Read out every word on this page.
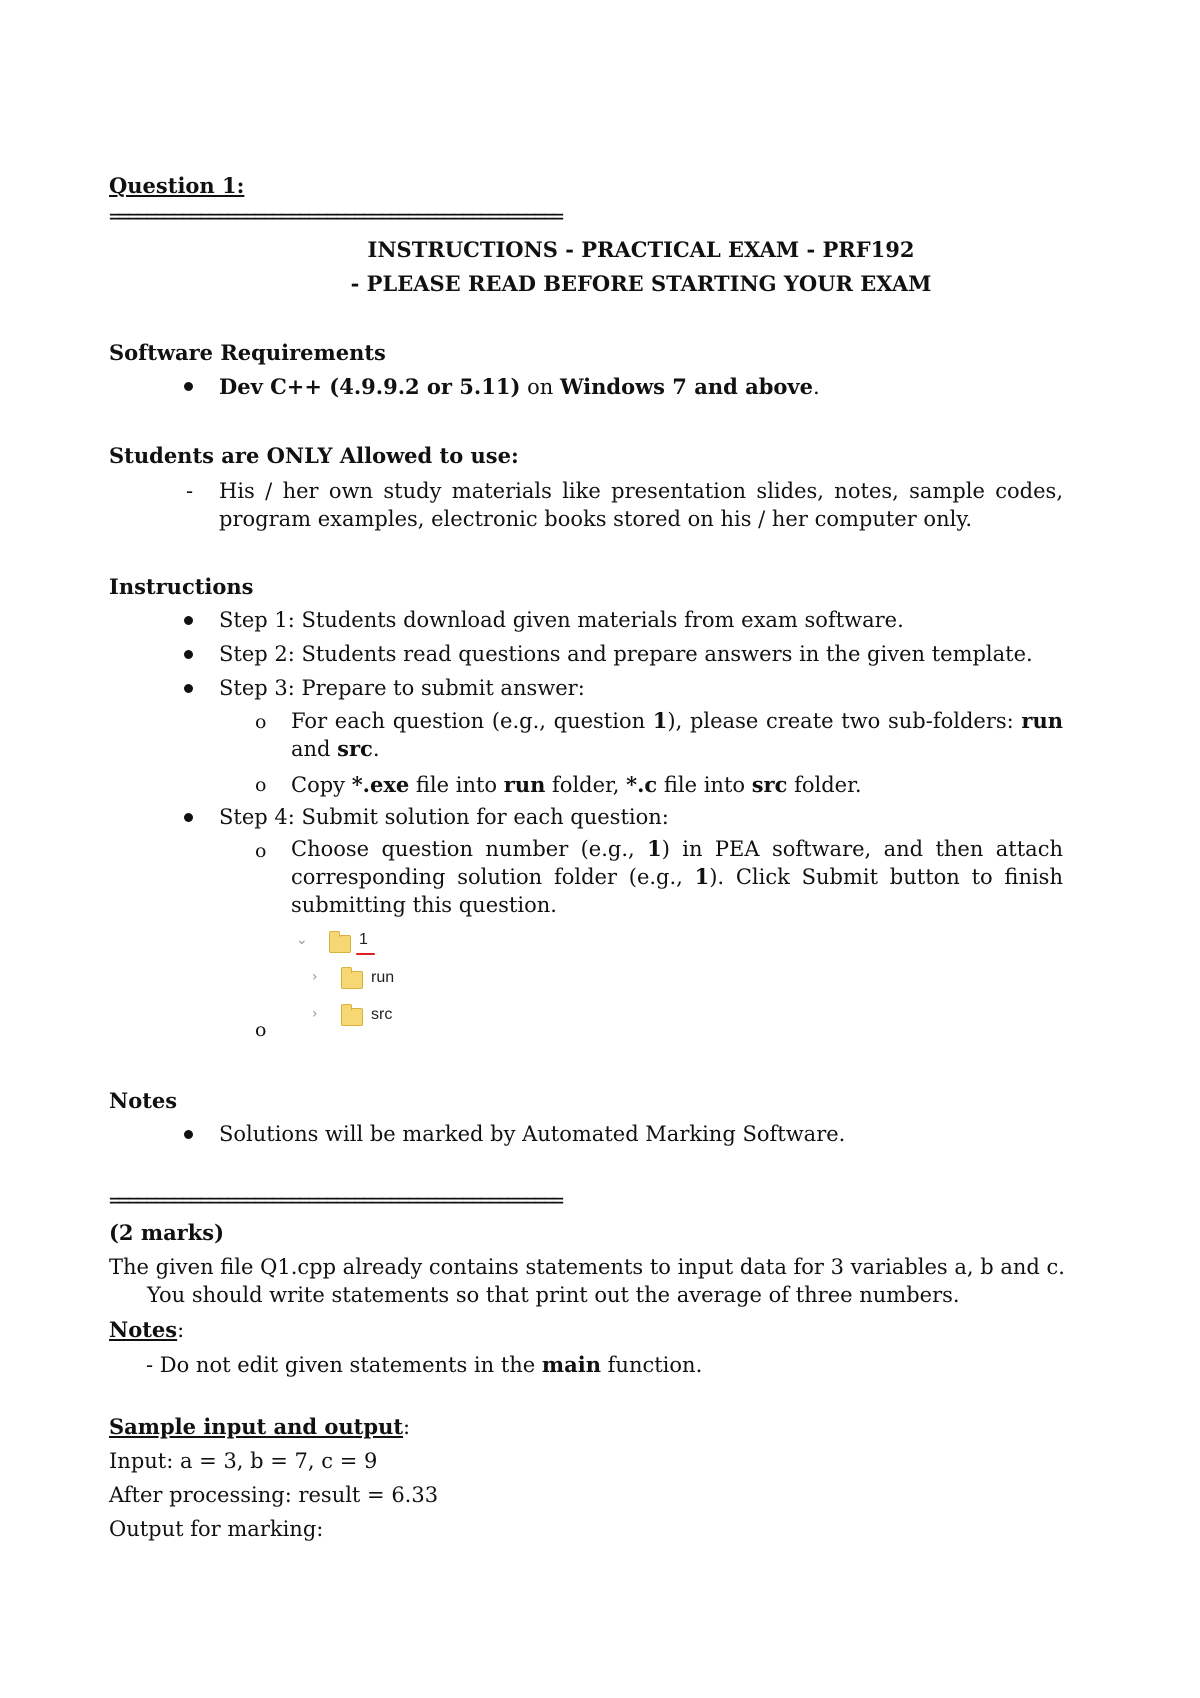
Question 1:
==================================================
INSTRUCTIONS - PRACTICAL EXAM - PRF192
- PLEASE READ BEFORE STARTING YOUR EXAM
Software Requirements
Dev C++ (4.9.9.2 or 5.11) on Windows 7 and above.
Students are ONLY Allowed to use:
- His / her own study materials like presentation slides, notes, sample codes, program examples, electronic books stored on his / her computer only.
Instructions
Step 1: Students download given materials from exam software.
Step 2: Students read questions and prepare answers in the given template.
Step 3: Prepare to submit answer:
o For each question (e.g., question 1), please create two sub-folders: run and src.
o Copy *.exe file into run folder, *.c file into src folder.
Step 4: Submit solution for each question:
o Choose question number (e.g., 1) in PEA software, and then attach corresponding solution folder (e.g., 1). Click Submit button to finish submitting this question.
⌄	1
›	run
›	src
o
Notes
Solutions will be marked by Automated Marking Software.
==================================================
(2 marks)
The given file Q1.cpp already contains statements to input data for 3 variables a, b and c. You should write statements so that print out the average of three numbers.
Notes:
- Do not edit given statements in the main function.
Sample input and output:
Input: a = 3, b = 7, c = 9
After processing: result = 6.33
Output for marking:
